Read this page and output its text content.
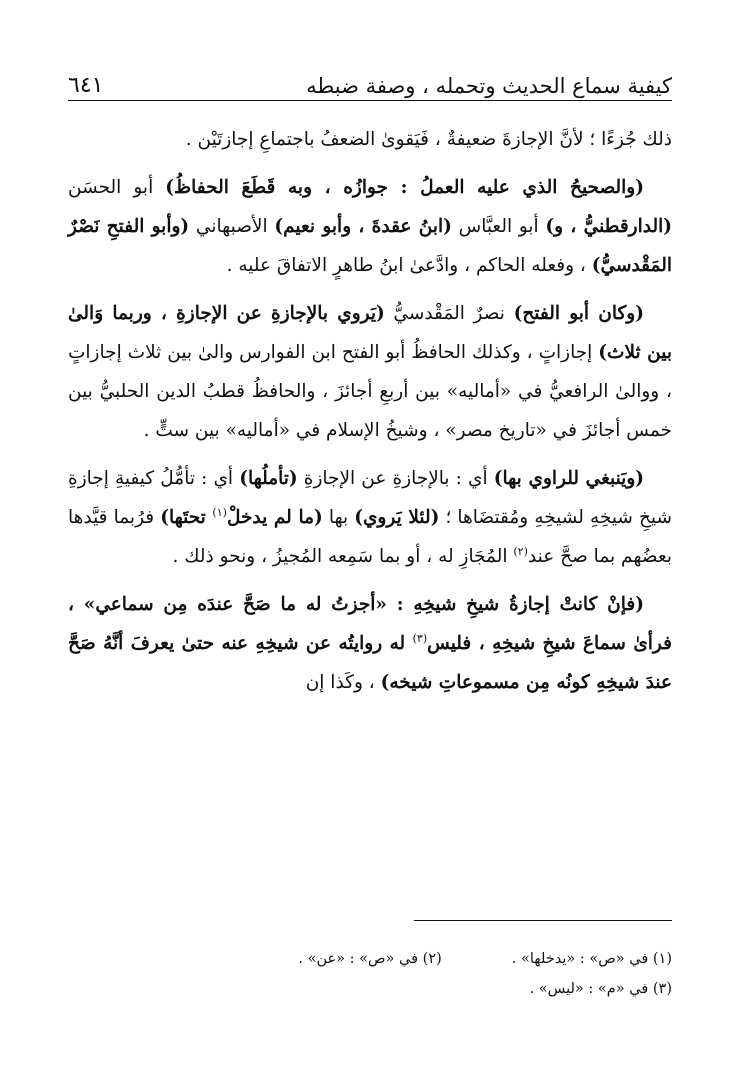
كيفية سماع الحديث وتحمله ، وصفة ضبطه
٦٤١

ذلك جُزءًا ؛ لأنَّ الإجازةَ ضعيفةٌ ، فَيَقوىٰ الضعفُ باجتماعِ إجازتَيْن .

(والصحيحُ الذي عليه العملُ : جوازُه ، وبه قَطَعَ الحفاظُ) أبو الحسَن (الدارقطنيُّ ، و) أبو العبَّاس (ابنُ عقدةَ ، وأبو نعيم) الأصبهاني (وأبو الفتحِ نَصْرٌ المَقْدسيُّ) ، وفعله الحاكم ، وادَّعىٰ ابنُ طاهرٍ الاتفاقَ عليه .

(وكان أبو الفتح) نصرٌ المَقْدسيُّ (يَروي بالإجازةِ عن الإجازةِ ، وربما وَالىٰ بين ثلاث) إجازاتٍ ، وكذلك الحافظُ أبو الفتح ابن الفوارس والىٰ بين ثلاث إجازاتٍ ، ووالىٰ الرافعيُّ في «أماليه» بين أربعِ أجائزَ ، والحافظُ قطبُ الدين الحلبيُّ بين خمس أجائزَ في «تاريخ مصر» ، وشيخُ الإسلام في «أماليه» بين ستٍّ .

(ويَنبغي للراوي بها) أي : بالإجازةِ عن الإجازةِ (تأملُها) أي : تأمُّلُ كيفيةِ إجازةِ شيخِ شيخِهِ لشيخِهِ ومُقتضَاها ؛ (لئلا يَروي) بها (ما لم يدخلْ$^{(١)}$ تحتَها) فرُبما قيَّدها بعضُهم بما صحَّ عند$^{(٢)}$ المُجَازِ له ، أو بما سَمِعه المُجيزُ ، ونحو ذلك .

(فإنْ كانتْ إجازةُ شيخِ شيخِهِ : «أجزتُ له ما صَحَّ عندَه مِن سماعي» ، فرأىٰ سماعَ شيخِ شيخِهِ ، فليس$^{(٣)}$ له روايتُه عن شيخِهِ عنه حتىٰ يعرفَ أنَّهُ صَحَّ عندَ شيخِهِ كونُه مِن مسموعاتِ شيخه) ، وكَذا إن

(١) في «ص» : «يدخلها» .
(٢) في «ص» : «عن» .
(٣) في «م» : «ليس» .
